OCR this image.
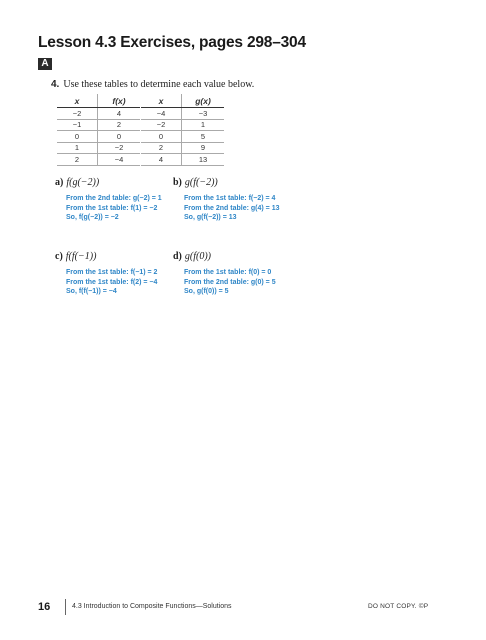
Lesson 4.3 Exercises, pages 298–304
A
4. Use these tables to determine each value below.
x	f(x)
−2	4
−1	2
0	0
1	−2
2	−4
x	g(x)
−4	−3
−2	1
0	5
2	9
4	13
a) f(g(−2))
From the 2nd table: g(−2) = 1
From the 1st table: f(1) = −2
So, f(g(−2)) = −2
b) g(f(−2))
From the 1st table: f(−2) = 4
From the 2nd table: g(4) = 13
So, g(f(−2)) = 13
c) f(f(−1))
From the 1st table: f(−1) = 2
From the 1st table: f(2) = −4
So, f(f(−1)) = −4
d) g(f(0))
From the 1st table: f(0) = 0
From the 2nd table: g(0) = 5
So, g(f(0)) = 5
16	4.3 Introduction to Composite Functions—Solutions	DO NOT COPY. ©P
